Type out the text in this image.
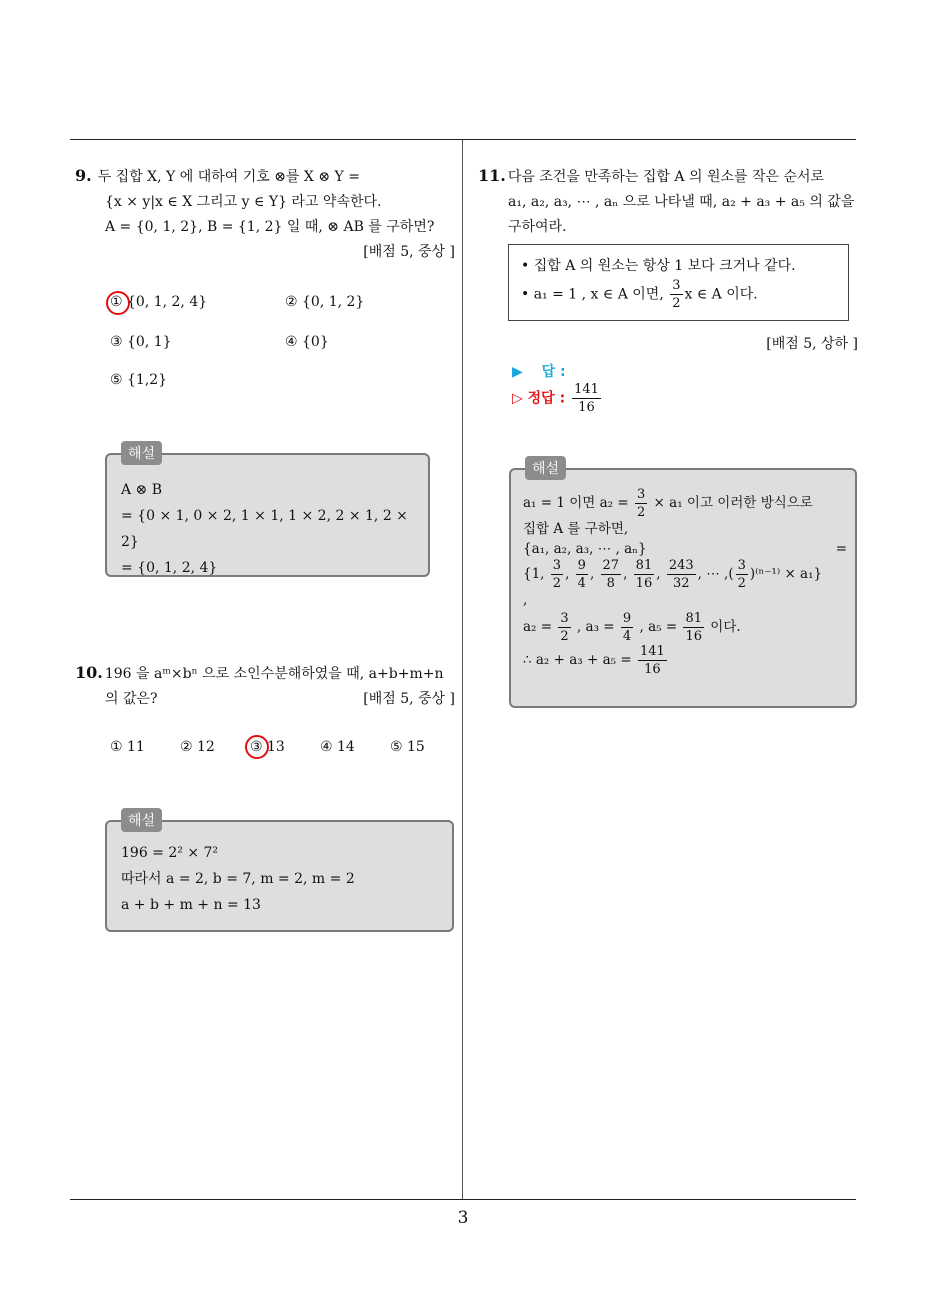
3
9. 두 집합 X, Y 에 대하여 기호 ⊗를 X ⊗ Y =
{x × y|x ∈ X 그리고 y ∈ Y} 라고 약속한다.
A = {0, 1, 2}, B = {1, 2} 일 때, ⊗ AB 를 구하면?
[배점 5, 중상 ]
① {0, 1, 2, 4}	② {0, 1, 2}
③ {0, 1}	④ {0}
⑤ {1,2}
해설
A ⊗ B
= {0 × 1, 0 × 2, 1 × 1, 1 × 2, 2 × 1, 2 × 2}
= {0, 1, 2, 4}
10. 196 을 aᵐ×bⁿ 으로 소인수분해하였을 때, a+b+m+n
의 값은?	[배점 5, 중상 ]
① 11	② 12	③ 13	④ 14	⑤ 15
해설
196 = 2² × 7²
따라서 a = 2, b = 7, m = 2, m = 2
a + b + m + n = 13
11. 다음 조건을 만족하는 집합 A 의 원소를 작은 순서로
a₁, a₂, a₃, ⋯ , aₙ 으로 나타낼 때, a₂ + a₃ + a₅ 의 값을
구하여라.
• 집합 A 의 원소는 항상 1 보다 크거나 같다.
• a₁ = 1 , x ∈ A 이면, $\frac{3}{2}$ x ∈ A 이다.
[배점 5, 상하 ]
▶ 답 :
▷ 정답 : $\frac{141}{16}$
해설
a₁ = 1 이면 $a_2 = \frac{3}{2} \times a_1$ 이고 이러한 방식으로
집합 A 를 구하면,
{a₁, a₂, a₃, ⋯ , aₙ}	=
{1, $\frac{3}{2}$ , $\frac{9}{4}$ , $\frac{27}{8}$ , $\frac{81}{16}$ , $\frac{243}{32}$ , ⋯ ,( $\frac{3}{2} )^{(n-1)} \times a_1$}
,
$a_2 = \frac{3}{2}$ , $a_3 = \frac{9}{4}$ , $a_5 = \frac{81}{16}$ 이다.
∴ $a_2 + a_3 + a_5 = \frac{141}{16}$
